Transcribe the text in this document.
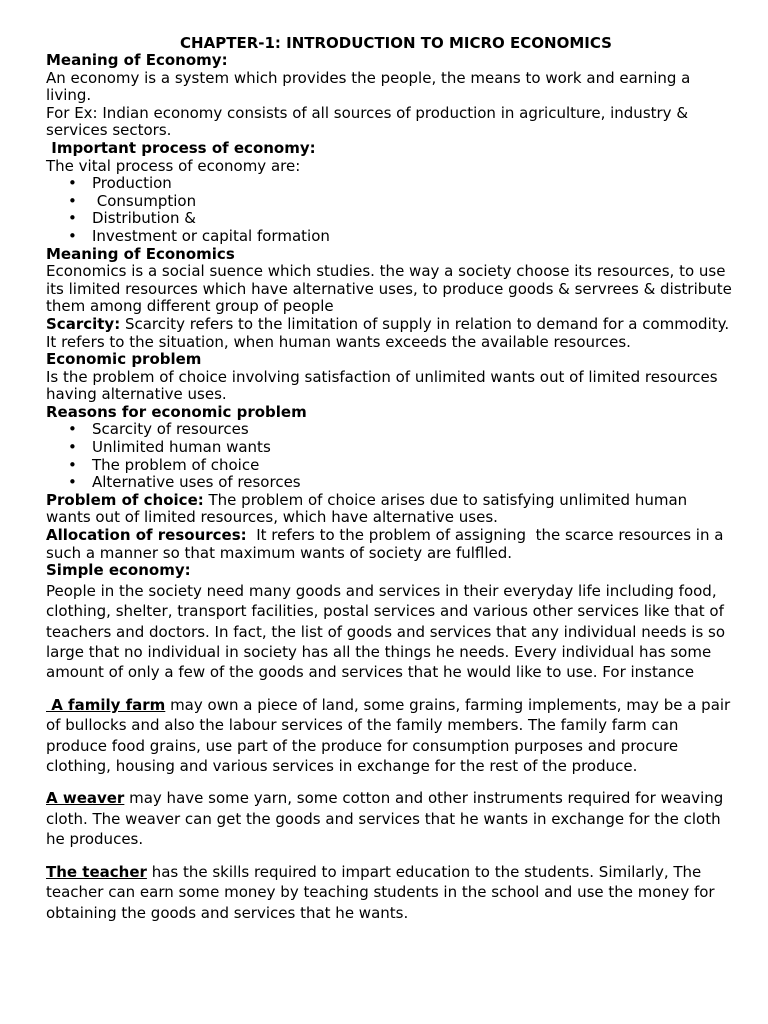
CHAPTER-1: INTRODUCTION TO MICRO ECONOMICS

Meaning of Economy:

An economy is a system which provides the people, the means to work and earning a living.

For Ex: Indian economy consists of all sources of production in agriculture, industry & services sectors.

Important process of economy:

The vital process of economy are:

• Production
• Consumption
• Distribution &
• Investment or capital formation

Meaning of Economics

Economics is a social suence which studies. the way a society choose its resources, to use its limited resources which have alternative uses, to produce goods & servrees & distribute them among different group of people

Scarcity: Scarcity refers to the limitation of supply in relation to demand for a commodity. It refers to the situation, when human wants exceeds the available resources.

Economic problem

Is the problem of choice involving satisfaction of unlimited wants out of limited resources having alternative uses.

Reasons for economic problem

• Scarcity of resources
• Unlimited human wants
• The problem of choice
• Alternative uses of resorces

Problem of choice: The problem of choice arises due to satisfying unlimited human wants out of limited resources, which have alternative uses.

Allocation of resources:  It refers to the problem of assigning  the scarce resources in a such a manner so that maximum wants of society are fulflled.

Simple economy:

People in the society need many goods and services in their everyday life including food, clothing, shelter, transport facilities, postal services and various other services like that of teachers and doctors. In fact, the list of goods and services that any individual needs is so large that no individual in society has all the things he needs. Every individual has some amount of only a few of the goods and services that he would like to use. For instance

A family farm may own a piece of land, some grains, farming implements, may be a pair of bullocks and also the labour services of the family members. The family farm can produce food grains, use part of the produce for consumption purposes and procure clothing, housing and various services in exchange for the rest of the produce.

A weaver may have some yarn, some cotton and other instruments required for weaving cloth. The weaver can get the goods and services that he wants in exchange for the cloth he produces.

The teacher has the skills required to impart education to the students. Similarly, The teacher can earn some money by teaching students in the school and use the money for obtaining the goods and services that he wants.
